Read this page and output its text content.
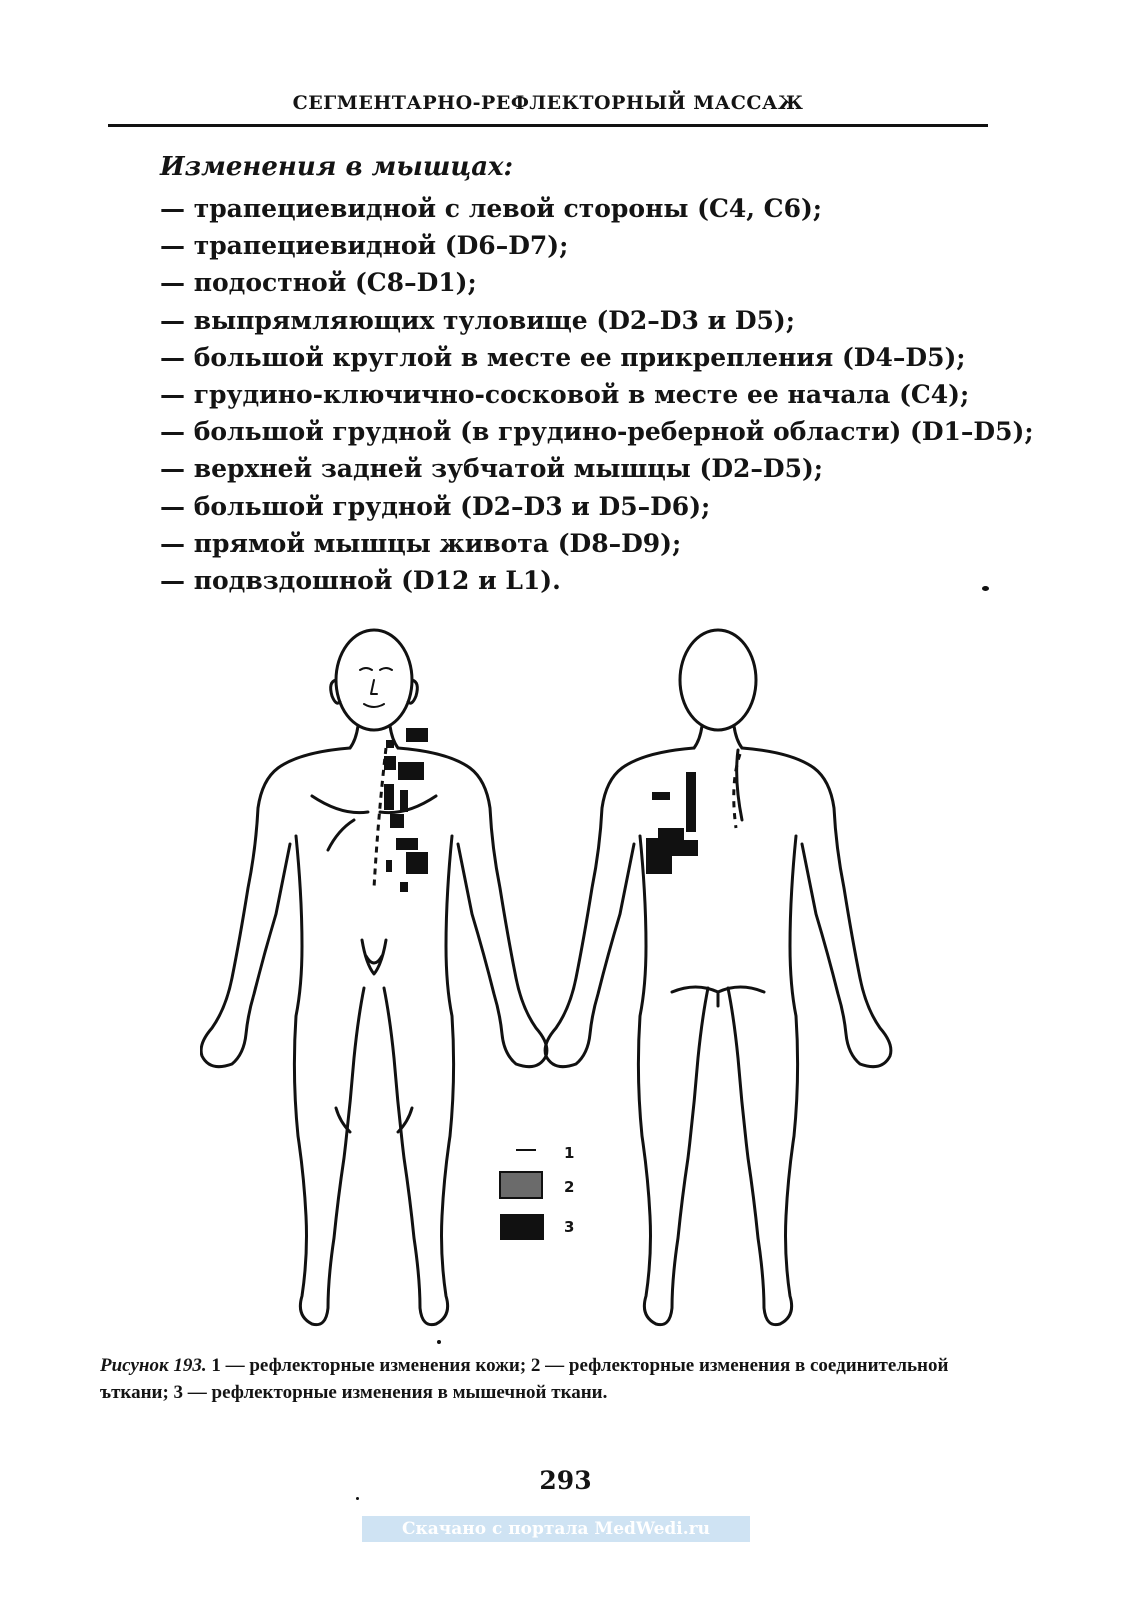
СЕГМЕНТАРНО-РЕФЛЕКТОРНЫЙ МАССАЖ
Изменения в мышцах:
— трапециевидной с левой стороны (С4, С6);
— трапециевидной (D6–D7);
— подостной (С8–D1);
— выпрямляющих туловище (D2–D3 и D5);
— большой круглой в месте ее прикрепления (D4–D5);
— грудино-ключично-сосковой в месте ее начала (С4);
— большой грудной (в грудино-реберной области) (D1–D5);
— верхней задней зубчатой мышцы (D2–D5);
— большой грудной (D2–D3 и D5–D6);
— прямой мышцы живота (D8–D9);
— подвздошной (D12 и L1).
1
2
3
Рисунок 193. 1 — рефлекторные изменения кожи; 2 — рефлекторные изменения в соединительной ъткани; 3 — рефлекторные изменения в мышечной ткани.
293
Скачано с портала MedWedi.ru
